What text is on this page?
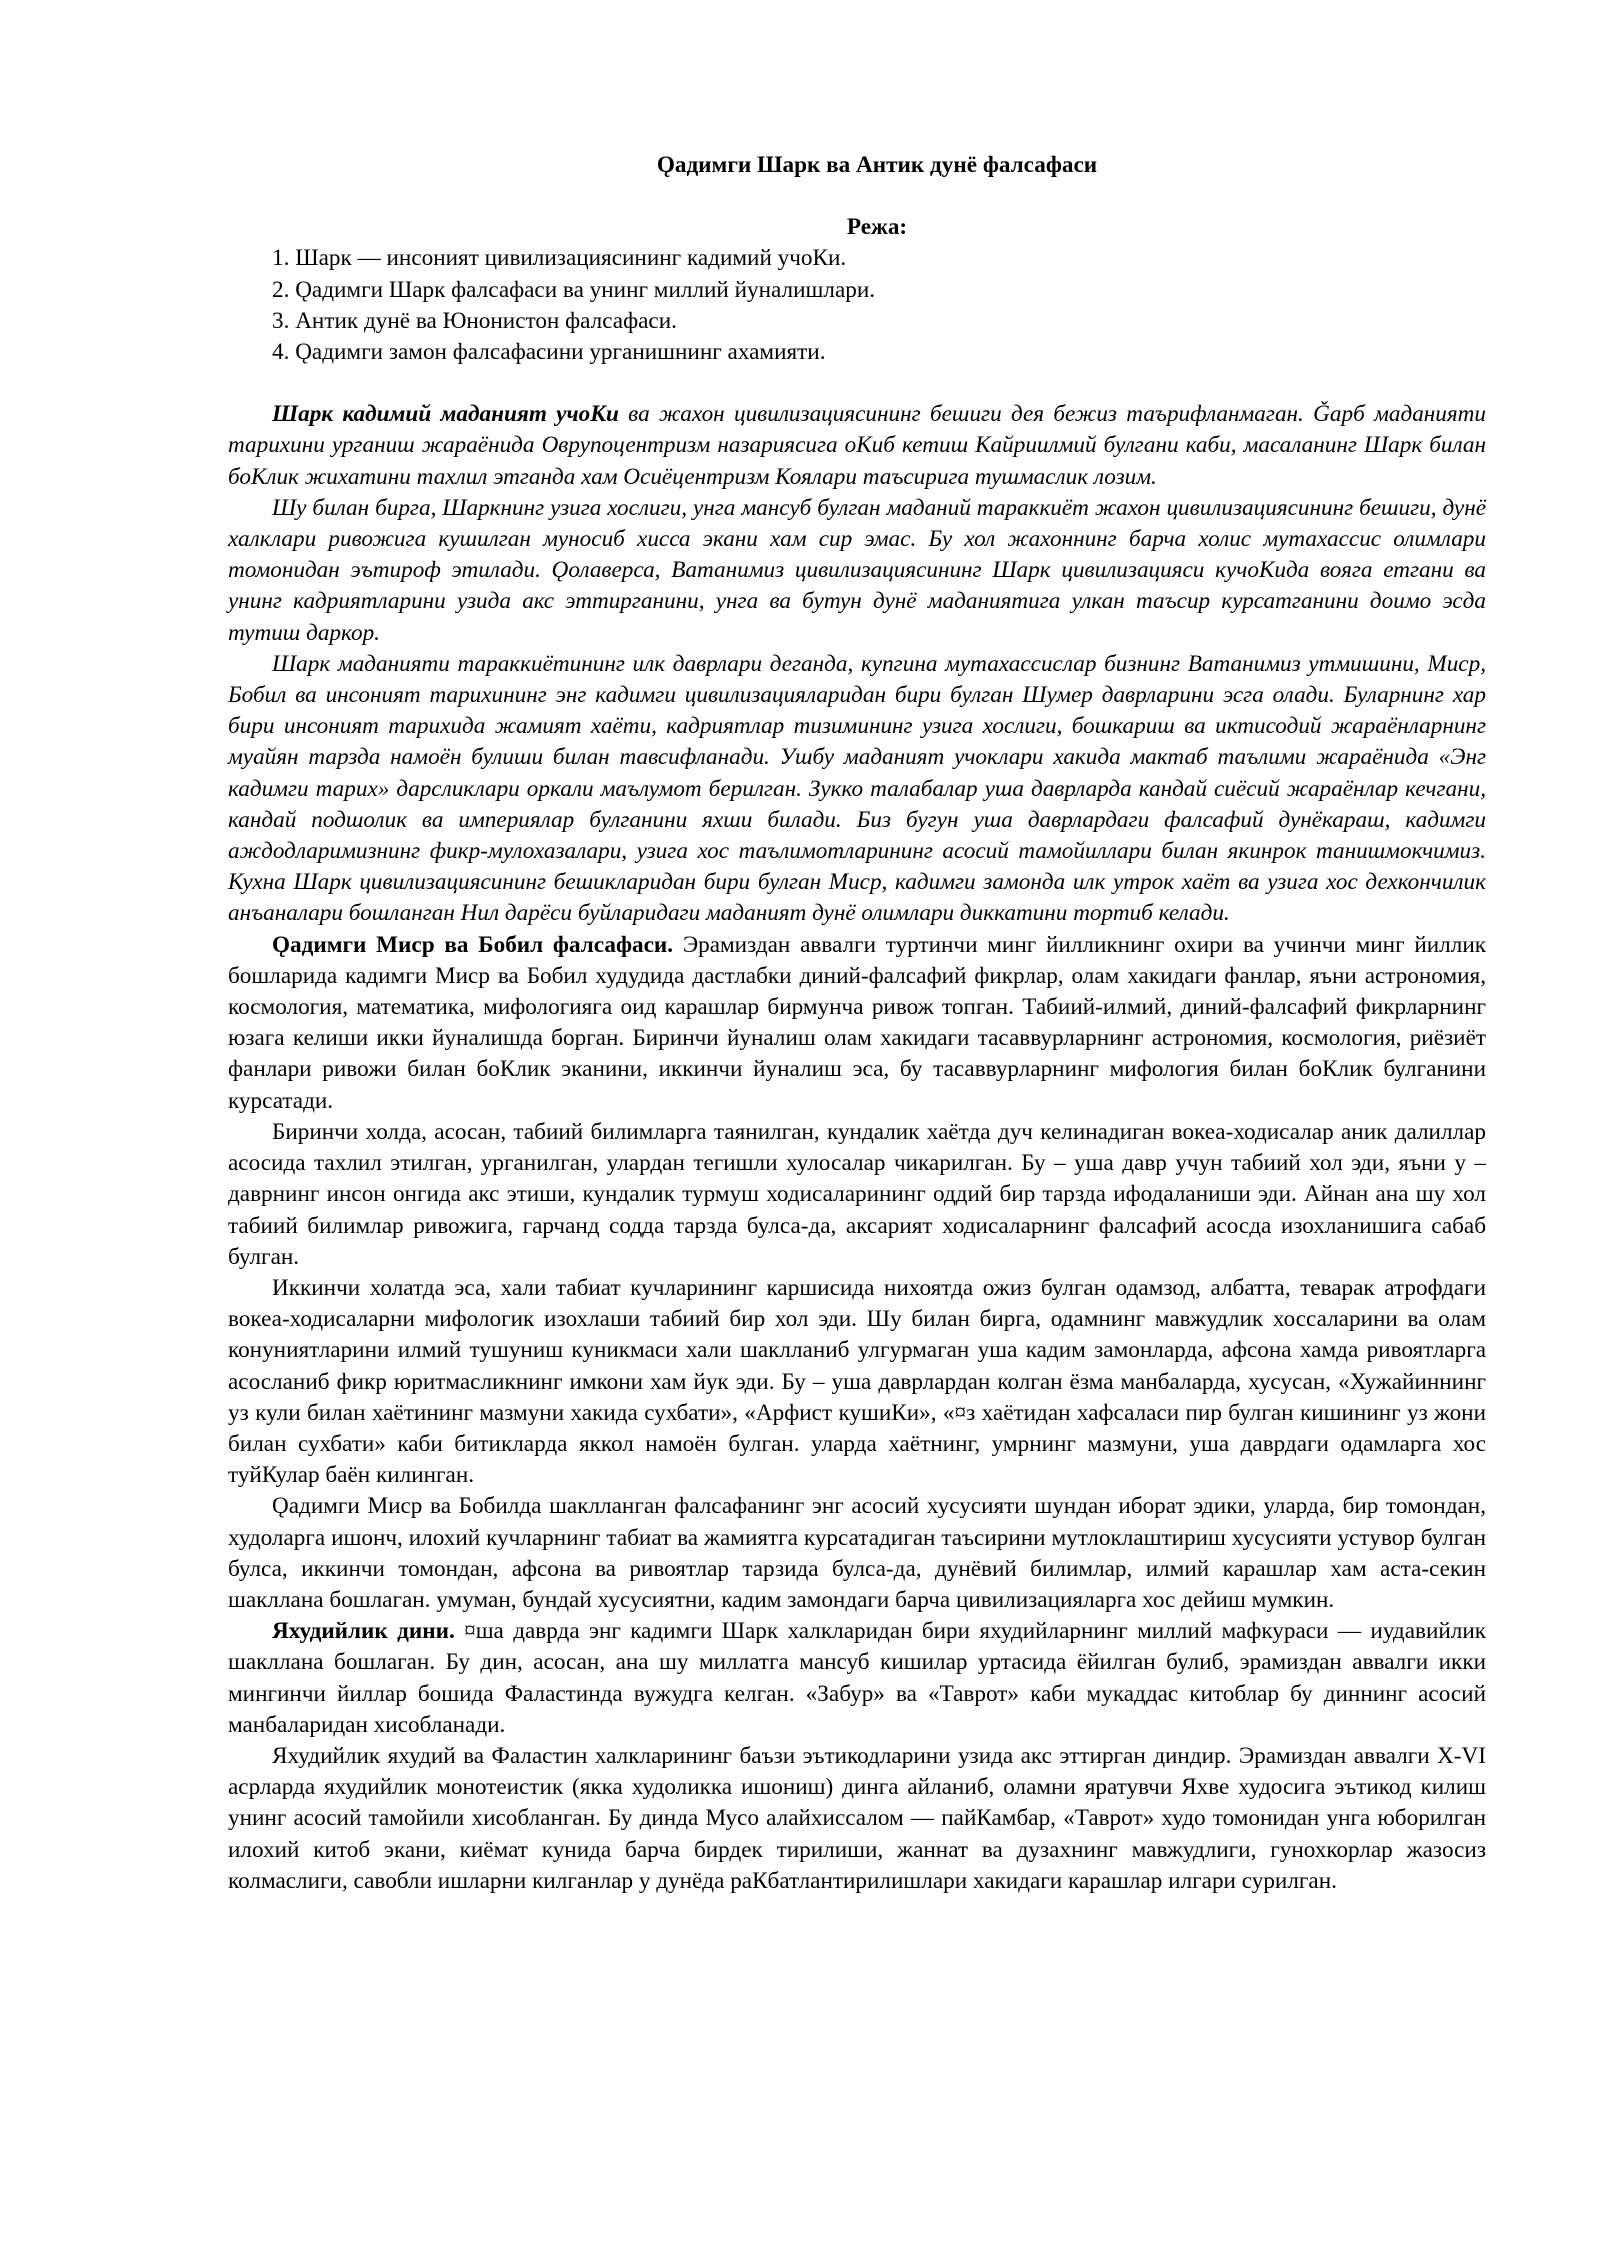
Ǫадимги Шарк ва Антик дунё фалсафаси
Режа:
1. Шарк — инсоният цивилизациясининг кадимий учоКи.
2. Ǫадимги Шарк фалсафаси ва унинг миллий йуналишлари.
3. Антик дунё ва Юнонистон фалсафаси.
4. Ǫадимги замон фалсафасини урганишнинг ахамияти.

Шарк кадимий маданият учоКи ва жахон цивилизациясининг бешиги дея бежиз таърифланмаган. Ǧарб маданияти тарихини урганиш жараёнида Оврупоцентризм назариясига оКиб кетиш Кайриилмий булгани каби, масаланинг Шарк билан боКлик жихатини тахлил этганда хам Осиёцентризм Коялари таъсирига тушмаслик лозим.

Шу билан бирга, Шаркнинг узига хослиги, унга мансуб булган маданий тараккиёт жахон цивилизациясининг бешиги, дунё халклари ривожига кушилган муносиб хисса экани хам сир эмас. Бу хол жахоннинг барча холис мутахассис олимлари томонидан эътироф этилади. Ǫолаверса, Ватанимиз цивилизациясининг Шарк цивилизацияси кучоКида вояга етгани ва унинг кадриятларини узида акс эттирганини, унга ва бутун дунё маданиятига улкан таъсир курсатганини доимо эсда тутиш даркор.

Шарк маданияти тараккиётининг илк даврлари деганда, купгина мутахассислар бизнинг Ватанимиз утмишини, Миср, Бобил ва инсоният тарихининг энг кадимги цивилизацияларидан бири булган Шумер даврларини эсга олади. Буларнинг хар бири инсоният тарихида жамият хаёти, кадриятлар тизимининг узига хослиги, бошкариш ва иктисодий жараёнларнинг муайян тарзда намоён булиши билан тавсифланади. Ушбу маданият учоклари хакида мактаб таълими жараёнида «Энг кадимги тарих» дарсликлари оркали маълумот берилган. Зукко талабалар уша даврларда кандай сиёсий жараёнлар кечгани, кандай подшолик ва империялар булганини яхши билади. Биз бугун уша даврлардаги фалсафий дунёкараш, кадимги аждодларимизнинг фикр-мулохазалари, узига хос таълимотларининг асосий тамойиллари билан якинрок танишмокчимиз. Кухна Шарк цивилизациясининг бешикларидан бири булган Миср, кадимги замонда илк утрок хаёт ва узига хос дехкончилик анъаналари бошланган Нил дарёси буйларидаги маданият дунё олимлари диккатини тортиб келади.

Ǫадимги Миср ва Бобил фалсафаси. Эрамиздан аввалги туртинчи минг йилликнинг охири ва учинчи минг йиллик бошларида кадимги Миср ва Бобил худудида дастлабки диний-фалсафий фикрлар, олам хакидаги фанлар, яъни астрономия, космология, математика, мифологияга оид карашлар бирмунча ривож топган. Табиий-илмий, диний-фалсафий фикрларнинг юзага келиши икки йуналишда борган. Биринчи йуналиш олам хакидаги тасаввурларнинг астрономия, космология, риёзиёт фанлари ривожи билан боКлик эканини, иккинчи йуналиш эса, бу тасаввурларнинг мифология билан боКлик булганини курсатади.

Биринчи холда, асосан, табиий билимларга таянилган, кундалик хаётда дуч келинадиган вокеа-ходисалар аник далиллар асосида тахлил этилган, урганилган, улардан тегишли хулосалар чикарилган. Бу – уша давр учун табиий хол эди, яъни у – даврнинг инсон онгида акс этиши, кундалик турмуш ходисаларининг оддий бир тарзда ифодаланиши эди. Айнан ана шу хол табиий билимлар ривожига, гарчанд содда тарзда булса-да, аксарият ходисаларнинг фалсафий асосда изохланишига сабаб булган.

Иккинчи холатда эса, хали табиат кучларининг каршисида нихоятда ожиз булган одамзод, албатта, теварак атрофдаги вокеа-ходисаларни мифологик изохлаши табиий бир хол эди. Шу билан бирга, одамнинг мавжудлик хоссаларини ва олам конуниятларини илмий тушуниш куникмаси хали шаклланиб улгурмаган уша кадим замонларда, афсона хамда ривоятларга асосланиб фикр юритмасликнинг имкони хам йук эди. Бу – уша даврлардан колган ёзма манбаларда, хусусан, «Хужайиннинг уз кули билан хаётининг мазмуни хакида сухбати», «Арфист кушиКи», «¤з хаётидан хафсаласи пир булган кишининг уз жони билан сухбати» каби битикларда яккол намоён булган. уларда хаётнинг, умрнинг мазмуни, уша даврдаги одамларга хос туйКулар баён килинган.

Ǫадимги Миср ва Бобилда шаклланган фалсафанинг энг асосий хусусияти шундан иборат эдики, уларда, бир томондан, худоларга ишонч, илохий кучларнинг табиат ва жамиятга курсатадиган таъсирини мутлоклаштириш хусусияти устувор булган булса, иккинчи томондан, афсона ва ривоятлар тарзида булса-да, дунёвий билимлар, илмий карашлар хам аста-секин шакллана бошлаган. умуман, бундай хусусиятни, кадим замондаги барча цивилизацияларга хос дейиш мумкин.

Яхудийлик дини. ¤ша даврда энг кадимги Шарк халкларидан бири яхудийларнинг миллий мафкураси — иудавийлик шакллана бошлаган. Бу дин, асосан, ана шу миллатга мансуб кишилар уртасида ёйилган булиб, эрамиздан аввалги икки мингинчи йиллар бошида Фаластинда вужудга келган. «Забур» ва «Таврот» каби мукаддас китоблар бу диннинг асосий манбаларидан хисобланади.

Яхудийлик яхудий ва Фаластин халкларининг баъзи эътикодларини узида акс эттирган диндир. Эрамиздан аввалги X-VI асрларда яхудийлик монотеистик (якка худоликка ишониш) динга айланиб, оламни яратувчи Яхве худосига эътикод килиш унинг асосий тамойили хисобланган. Бу динда Мусо алайхиссалом — пайКамбар, «Таврот» худо томонидан унга юборилган илохий китоб экани, киёмат кунида барча бирдек тирилиши, жаннат ва дузахнинг мавжудлиги, гунохкорлар жазосиз колмаслиги, савобли ишларни килганлар у дунёда раКбатлантирилишлари хакидаги карашлар илгари сурилган.
